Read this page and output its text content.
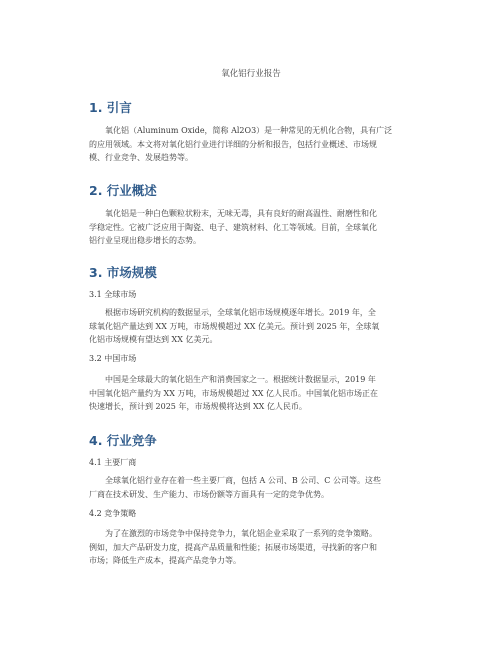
氧化铝行业报告
1. 引言
氧化铝（Aluminum Oxide，简称 Al2O3）是一种常见的无机化合物，具有广泛
的应用领域。本文将对氧化铝行业进行详细的分析和报告，包括行业概述、市场规
模、行业竞争、发展趋势等。
2. 行业概述
氧化铝是一种白色颗粒状粉末，无味无毒，具有良好的耐高温性、耐磨性和化
学稳定性。它被广泛应用于陶瓷、电子、建筑材料、化工等领域。目前，全球氧化
铝行业呈现出稳步增长的态势。
3. 市场规模
3.1 全球市场
根据市场研究机构的数据显示，全球氧化铝市场规模逐年增长。2019 年，全
球氧化铝产量达到 XX 万吨，市场规模超过 XX 亿美元。预计到 2025 年，全球氧
化铝市场规模有望达到 XX 亿美元。
3.2 中国市场
中国是全球最大的氧化铝生产和消费国家之一。根据统计数据显示，2019 年
中国氧化铝产量约为 XX 万吨，市场规模超过 XX 亿人民币。中国氧化铝市场正在
快速增长，预计到 2025 年，市场规模将达到 XX 亿人民币。
4. 行业竞争
4.1 主要厂商
全球氧化铝行业存在着一些主要厂商，包括 A 公司、B 公司、C 公司等。这些
厂商在技术研发、生产能力、市场份额等方面具有一定的竞争优势。
4.2 竞争策略
为了在激烈的市场竞争中保持竞争力，氧化铝企业采取了一系列的竞争策略。
例如，加大产品研发力度，提高产品质量和性能；拓展市场渠道，寻找新的客户和
市场；降低生产成本，提高产品竞争力等。
